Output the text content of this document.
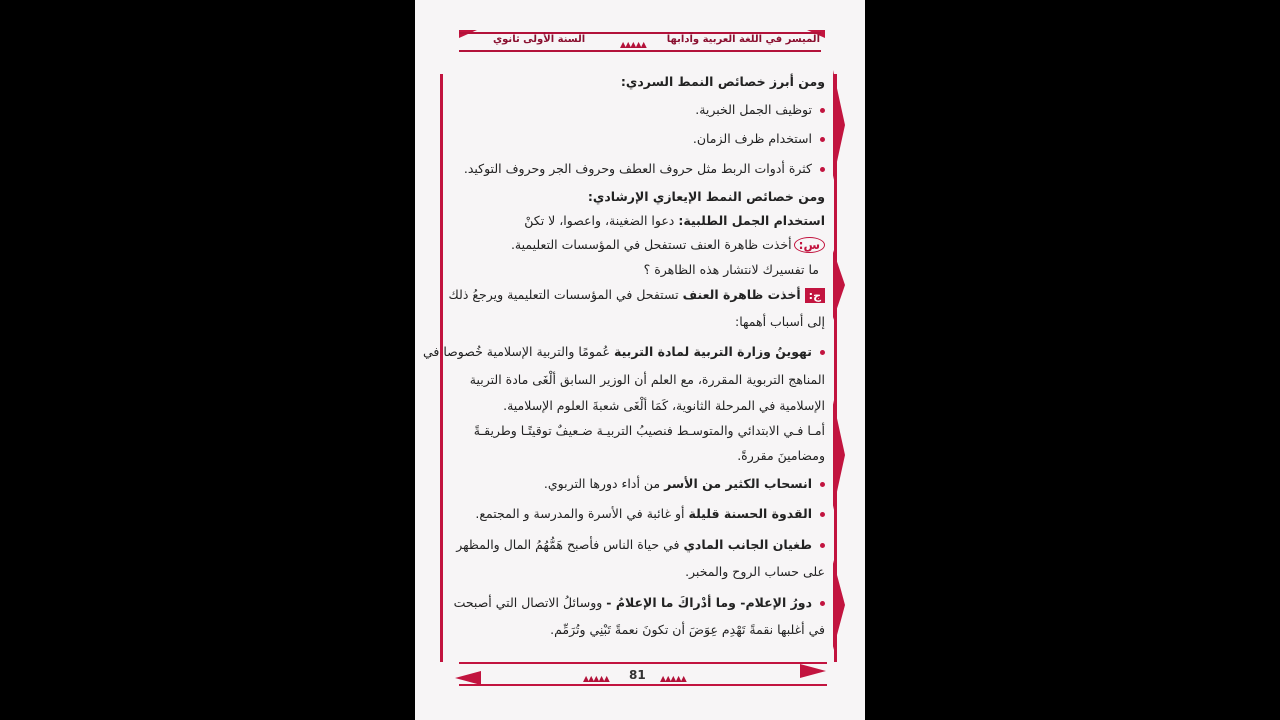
الميسر في اللغة العربية وآدابها
السنة الأولى ثانوي	▲▲▲▲▲
ومن أبرز خصائص النمط السردي:
توظيف الجمل الخبرية.
استخدام ظرف الزمان.
كثرة أدوات الربط مثل حروف العطف وحروف الجر وحروف التوكيد.
ومن خصائص النمط الإيعازي الإرشادي:
استخدام الجمل الطلبية: دعوا الضغينة، واعصوا، لا تكنْ
س:أخذت ظاهرة العنف تستفحل في المؤسسات التعليمية.
ما تفسيرك لانتشار هذه الظاهرة ؟
ج:أخذت ظاهرة العنف تستفحل في المؤسسات التعليمية ويرجعُ ذلك
إلى أسباب أهمها:
تهوينُ وزارة التربية لمادة التربية عُمومًا والتربية الإسلامية خُصوصا في
المناهج التربوية المقررة، مع العلم أن الوزير السابق ألْغَى مادة التربية
الإسلامية في المرحلة الثانوية، كَمَا ألْغَى شعبةَ العلوم الإسلامية.
أمـا فـي الابتدائي والمتوسـط فنصيبُ التربيـة ضـعيفٌ توقيتًـا وطريقـةً
ومضامينَ مقررةً.
انسحاب الكثير من الأسر من أداء دورها التربوي.
القدوة الحسنة قليلة أو غائبة في الأسرة والمدرسة و المجتمع.
طغيان الجانب المادي في حياة الناس فأصبح هَمُّهُمُ المال والمظهر
على حساب الروح والمخبر.
دورُ الإعلام- وما أدْراكَ ما الإعلامُ - ووسائلُ الاتصال التي أصبحت
في أغلبها نقمةً تَهْدِم عِوَضَ أن تكونَ نعمةً تَبْنِي وتُرَمِّم.
▲▲▲▲▲ 81 ▲▲▲▲▲
